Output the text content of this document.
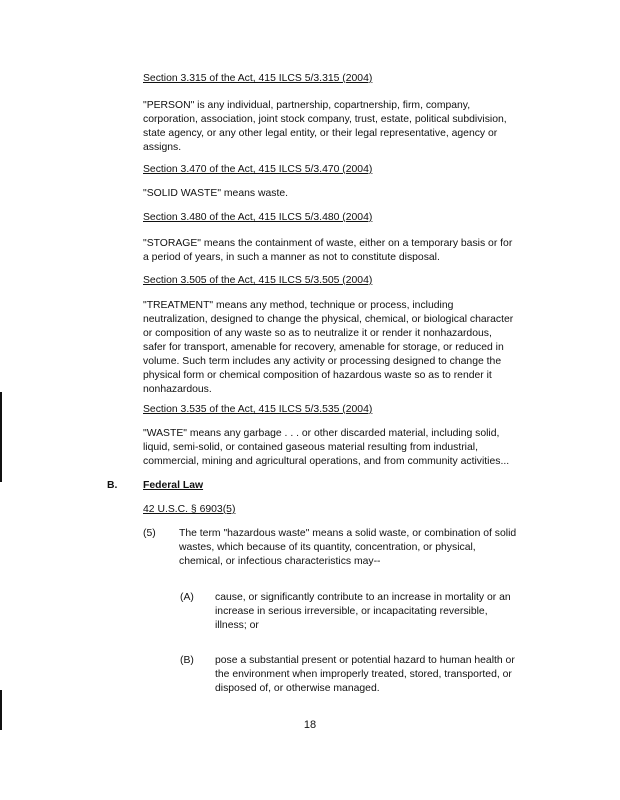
Section 3.315 of the Act, 415 ILCS 5/3.315 (2004)

"PERSON" is any individual, partnership, copartnership, firm, company,

corporation, association, joint stock company, trust, estate, political subdivision,

state agency, or any other legal entity, or their legal representative, agency or

assigns.

Section 3.470 of the Act, 415 ILCS 5/3.470 (2004)

"SOLID WASTE" means waste.

Section 3.480 of the Act, 415 ILCS 5/3.480 (2004)

"STORAGE" means the containment of waste, either on a temporary basis or for

a period of years, in such a manner as not to constitute disposal.

Section 3.505 of the Act, 415 ILCS 5/3.505 (2004)

"TREATMENT" means any method, technique or process, including

neutralization, designed to change the physical, chemical, or biological character

or composition of any waste so as to neutralize it or render it nonhazardous,

safer for transport, amenable for recovery, amenable for storage, or reduced in

volume. Such term includes any activity or processing designed to change the

physical form or chemical composition of hazardous waste so as to render it

nonhazardous.

Section 3.535 of the Act, 415 ILCS 5/3.535 (2004)

"WASTE" means any garbage . . . or other discarded material, including solid,

liquid, semi-solid, or contained gaseous material resulting from industrial,

commercial, mining and agricultural operations, and from community activities...

B. Federal Law

42 U.S.C. § 6903(5)

(5) The term "hazardous waste" means a solid waste, or combination of solid

wastes, which because of its quantity, concentration, or physical,

chemical, or infectious characteristics may--

(A) cause, or significantly contribute to an increase in mortality or an

increase in serious irreversible, or incapacitating reversible,

illness; or

(B) pose a substantial present or potential hazard to human health or

the environment when improperly treated, stored, transported, or

disposed of, or otherwise managed.

18
